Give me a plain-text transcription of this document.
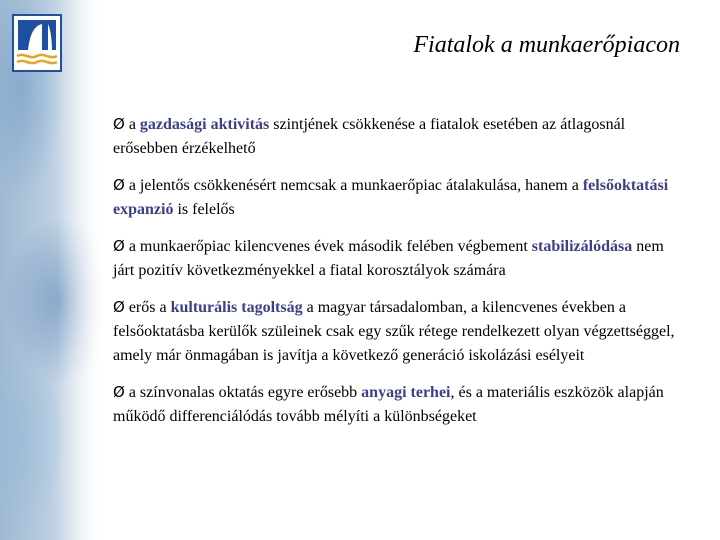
Fiatalok a munkaerőpiacon

Ø a gazdasági aktivitás szintjének csökkenése a fiatalok esetében az átlagosnál erősebben érzékelhető

Ø a jelentős csökkenésért nemcsak a munkaerőpiac átalakulása, hanem a felsőoktatási expanzió is felelős

Ø a munkaerőpiac kilencvenes évek második felében végbement stabilizálódása nem járt pozitív következményekkel a fiatal korosztályok számára

Ø erős a kulturális tagoltság a magyar társadalomban, a kilencvenes években a felsőoktatásba kerülők szüleinek csak egy szűk rétege rendelkezett olyan végzettséggel, amely már önmagában is javítja a következő generáció iskolázási esélyeit

Ø a színvonalas oktatás egyre erősebb anyagi terhei, és a materiális eszközök alapján működő differenciálódás tovább mélyíti a különbségeket
